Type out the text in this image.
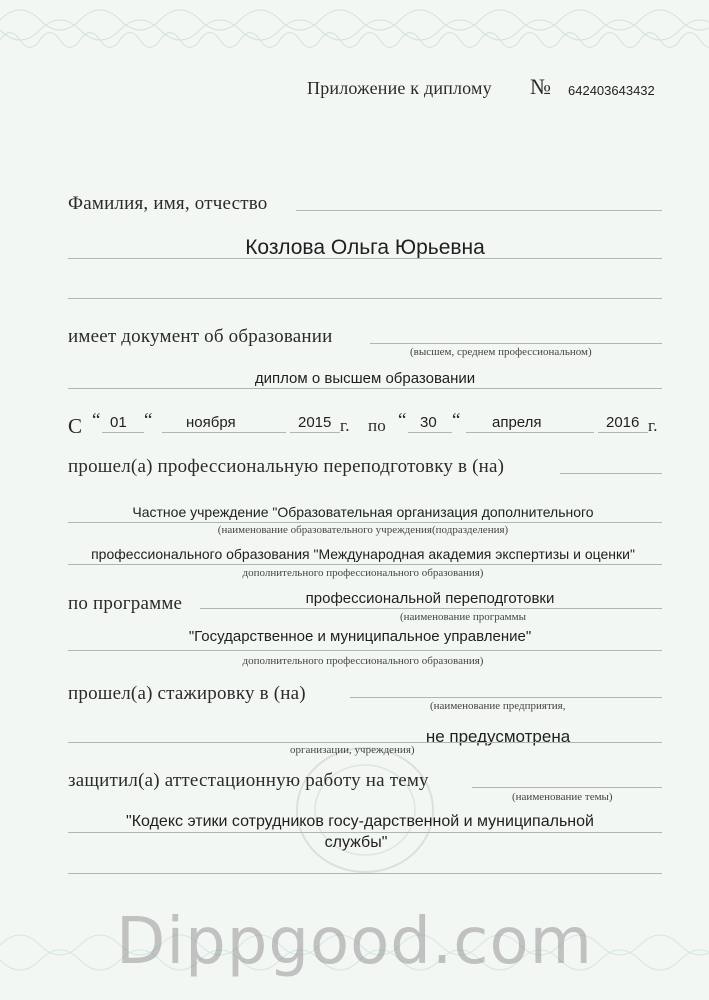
Приложение к диплому № 642403643432
Фамилия, имя, отчество
Козлова Ольга Юрьевна
имеет документ об образовании
(высшем, среднем профессиональном)
диплом о высшем образовании
С “ 01 “ ноября	2015 г. по “ 30 “ апреля	2016 г.
прошел(а) профессиональную переподготовку в (на)
Частное учреждение "Образовательная организация дополнительного
(наименование образовательного учреждения(подразделения)
профессионального образования "Международная академия экспертизы и оценки"
дополнительного профессионального образования)
по программе	профессиональной переподготовки
(наименование программы
"Государственное и муниципальное управление"
дополнительного профессионального образования)
прошел(а) стажировку в (на)
(наименование предприятия,
не предусмотрена
организации, учреждения)
защитил(а) аттестационную работу на тему
(наименование темы)
"Кодекс этики сотрудников госу-дарственной и муниципальной
службы"
Dippgood.com
